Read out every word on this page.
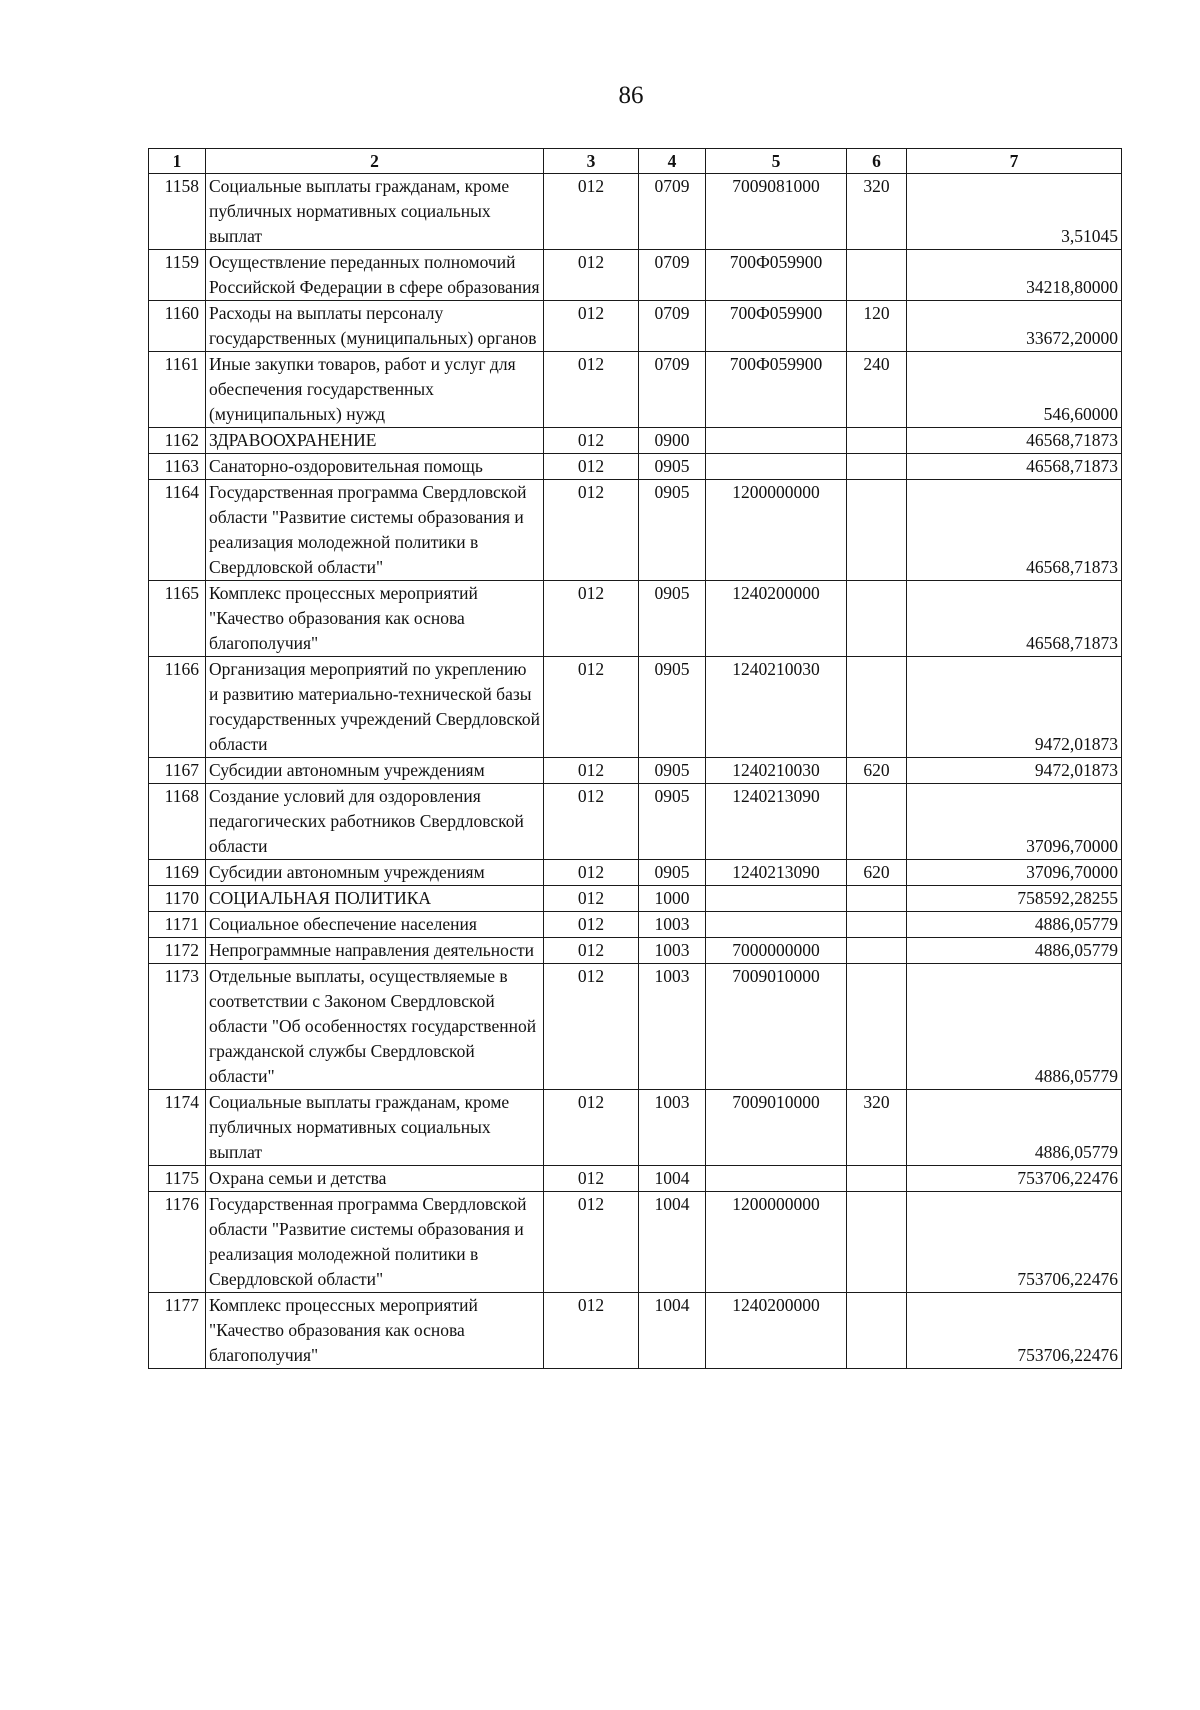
86
1	2	3	4	5	6	7
1158	Социальные выплаты гражданам, кроме публичных нормативных социальных выплат	012	0709	7009081000	320	3,51045
1159	Осуществление переданных полномочий Российской Федерации в сфере образования	012	0709	700Ф059900		34218,80000
1160	Расходы на выплаты персоналу государственных (муниципальных) органов	012	0709	700Ф059900	120	33672,20000
1161	Иные закупки товаров, работ и услуг для обеспечения государственных (муниципальных) нужд	012	0709	700Ф059900	240	546,60000
1162	ЗДРАВООХРАНЕНИЕ	012	0900			46568,71873
1163	Санаторно-оздоровительная помощь	012	0905			46568,71873
1164	Государственная программа Свердловской области "Развитие системы образования и реализация молодежной политики в Свердловской области"	012	0905	1200000000		46568,71873
1165	Комплекс процессных мероприятий "Качество образования как основа благополучия"	012	0905	1240200000		46568,71873
1166	Организация мероприятий по укреплению и развитию материально-технической базы государственных учреждений Свердловской области	012	0905	1240210030		9472,01873
1167	Субсидии автономным учреждениям	012	0905	1240210030	620	9472,01873
1168	Создание условий для оздоровления педагогических работников Свердловской области	012	0905	1240213090		37096,70000
1169	Субсидии автономным учреждениям	012	0905	1240213090	620	37096,70000
1170	СОЦИАЛЬНАЯ ПОЛИТИКА	012	1000			758592,28255
1171	Социальное обеспечение населения	012	1003			4886,05779
1172	Непрограммные направления деятельности	012	1003	7000000000		4886,05779
1173	Отдельные выплаты, осуществляемые в соответствии с Законом Свердловской области "Об особенностях государственной гражданской службы Свердловской области"	012	1003	7009010000		4886,05779
1174	Социальные выплаты гражданам, кроме публичных нормативных социальных выплат	012	1003	7009010000	320	4886,05779
1175	Охрана семьи и детства	012	1004			753706,22476
1176	Государственная программа Свердловской области "Развитие системы образования и реализация молодежной политики в Свердловской области"	012	1004	1200000000		753706,22476
1177	Комплекс процессных мероприятий "Качество образования как основа благополучия"	012	1004	1240200000		753706,22476
